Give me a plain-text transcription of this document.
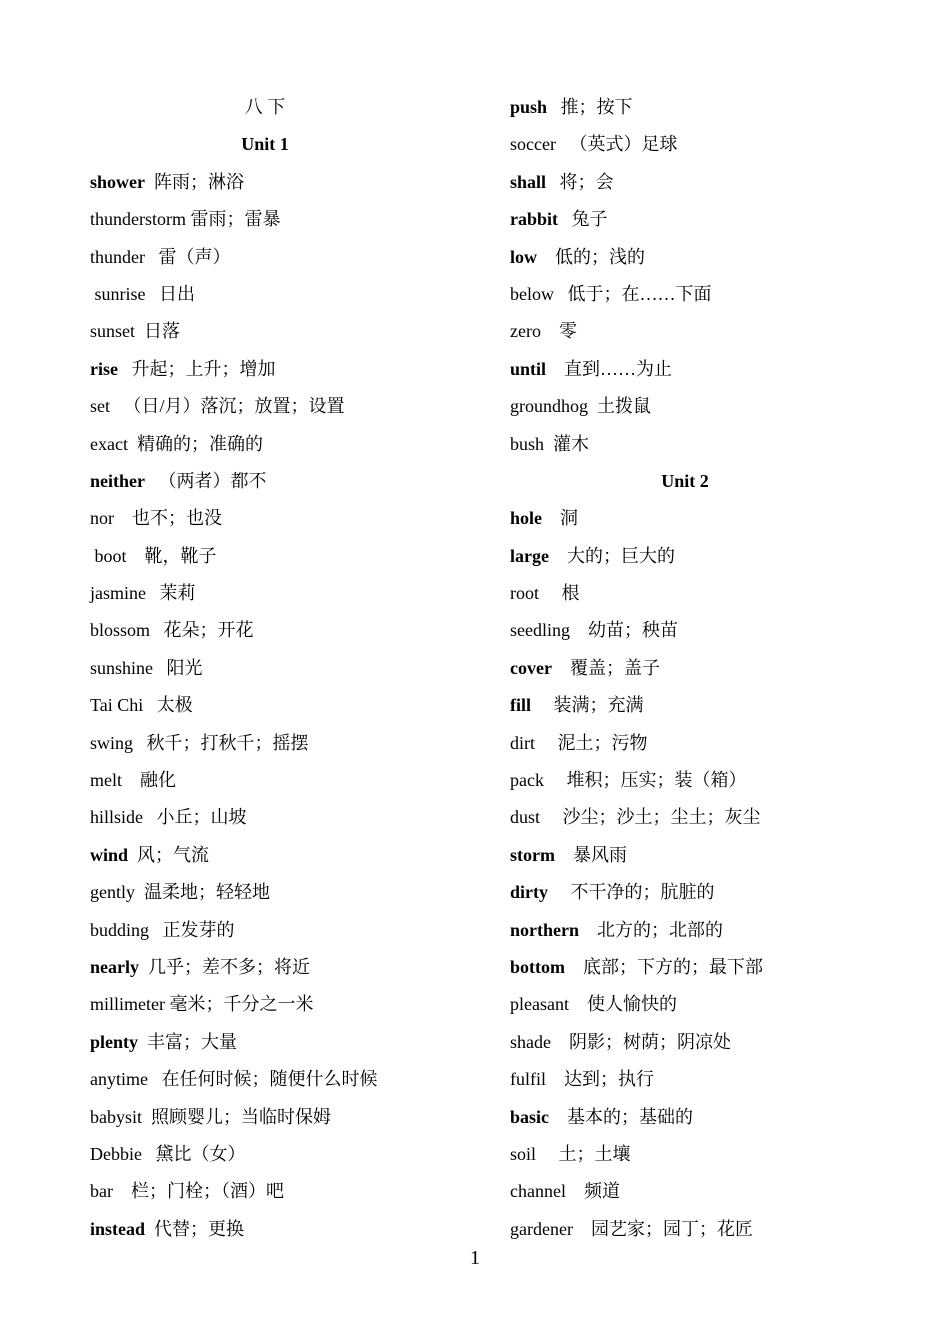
八 下
Unit 1
shower 阵雨；淋浴
thunderstorm 雷雨；雷暴
thunder 雷（声）
sunrise 日出
sunset 日落
rise 升起；上升；增加
set （日/月）落沉；放置；设置
exact 精确的；准确的
neither （两者）都不
nor 也不；也没
boot 靴，靴子
jasmine 茉莉
blossom 花朵；开花
sunshine 阳光
Tai Chi 太极
swing 秋千；打秋千；摇摆
melt 融化
hillside 小丘；山坡
wind 风；气流
gently 温柔地；轻轻地
budding 正发芽的
nearly 几乎；差不多；将近
millimeter 毫米；千分之一米
plenty 丰富；大量
anytime 在任何时候；随便什么时候
babysit 照顾婴儿；当临时保姆
Debbie 黛比（女）
bar 栏；门栓；（酒）吧
instead 代替；更换
push 推；按下
soccer （英式）足球
shall 将；会
rabbit 兔子
low 低的；浅的
below 低于；在……下面
zero 零
until 直到……为止
groundhog 土拨鼠
bush 灌木
Unit 2
hole 洞
large 大的；巨大的
root 根
seedling 幼苗；秧苗
cover 覆盖；盖子
fill 装满；充满
dirt 泥土；污物
pack 堆积；压实；装（箱）
dust 沙尘；沙土；尘土；灰尘
storm 暴风雨
dirty 不干净的；肮脏的
northern 北方的；北部的
bottom 底部；下方的；最下部
pleasant 使人愉快的
shade 阴影；树荫；阴凉处
fulfil 达到；执行
basic 基本的；基础的
soil 土；土壤
channel 频道
gardener 园艺家；园丁；花匠
1
